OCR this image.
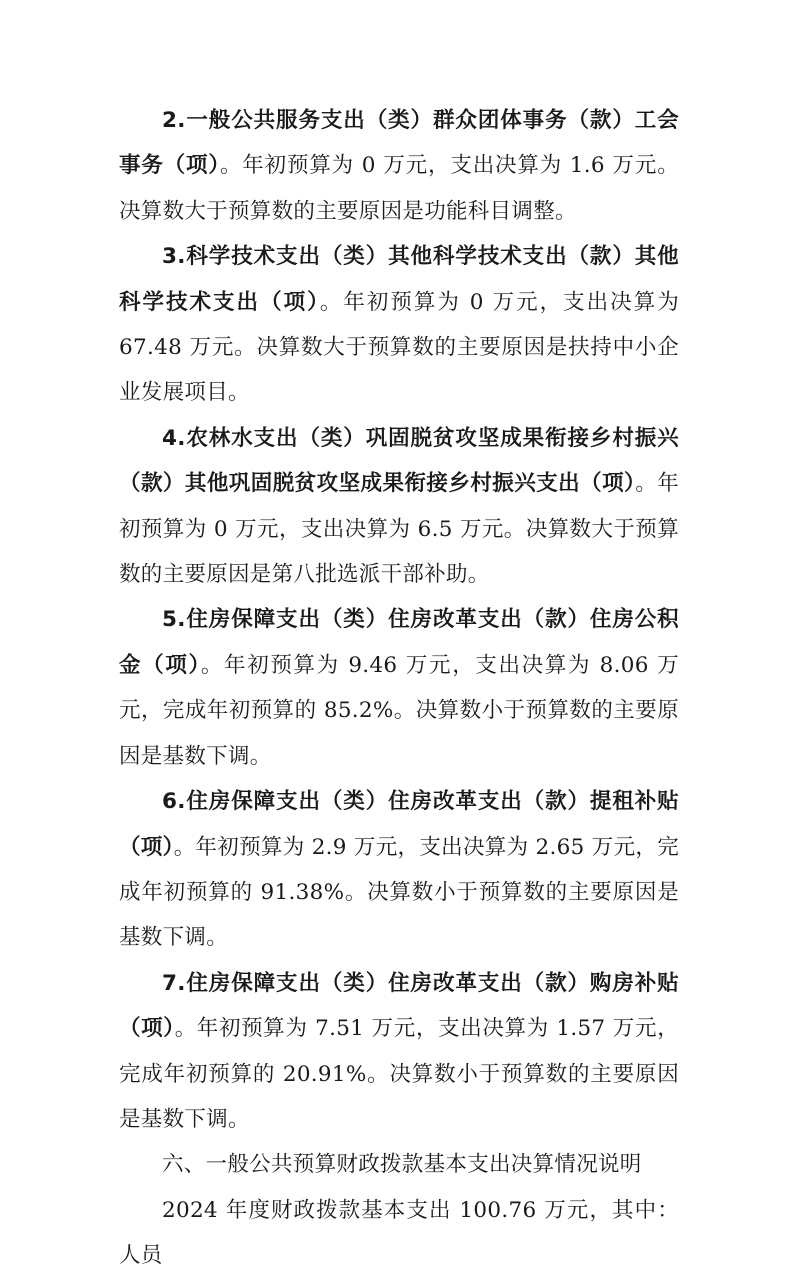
2.一般公共服务支出（类）群众团体事务（款）工会事务（项）。年初预算为 0 万元，支出决算为 1.6 万元。决算数大于预算数的主要原因是功能科目调整。

3.科学技术支出（类）其他科学技术支出（款）其他科学技术支出（项）。年初预算为 0 万元，支出决算为 67.48 万元。决算数大于预算数的主要原因是扶持中小企业发展项目。

4.农林水支出（类）巩固脱贫攻坚成果衔接乡村振兴（款）其他巩固脱贫攻坚成果衔接乡村振兴支出（项）。年初预算为 0 万元，支出决算为 6.5 万元。决算数大于预算数的主要原因是第八批选派干部补助。

5.住房保障支出（类）住房改革支出（款）住房公积金（项）。年初预算为 9.46 万元，支出决算为 8.06 万元，完成年初预算的 85.2%。决算数小于预算数的主要原因是基数下调。

6.住房保障支出（类）住房改革支出（款）提租补贴（项）。年初预算为 2.9 万元，支出决算为 2.65 万元，完成年初预算的 91.38%。决算数小于预算数的主要原因是基数下调。

7.住房保障支出（类）住房改革支出（款）购房补贴（项）。年初预算为 7.51 万元，支出决算为 1.57 万元，完成年初预算的 20.91%。决算数小于预算数的主要原因是基数下调。

六、一般公共预算财政拨款基本支出决算情况说明

2024 年度财政拨款基本支出 100.76 万元，其中：人员
